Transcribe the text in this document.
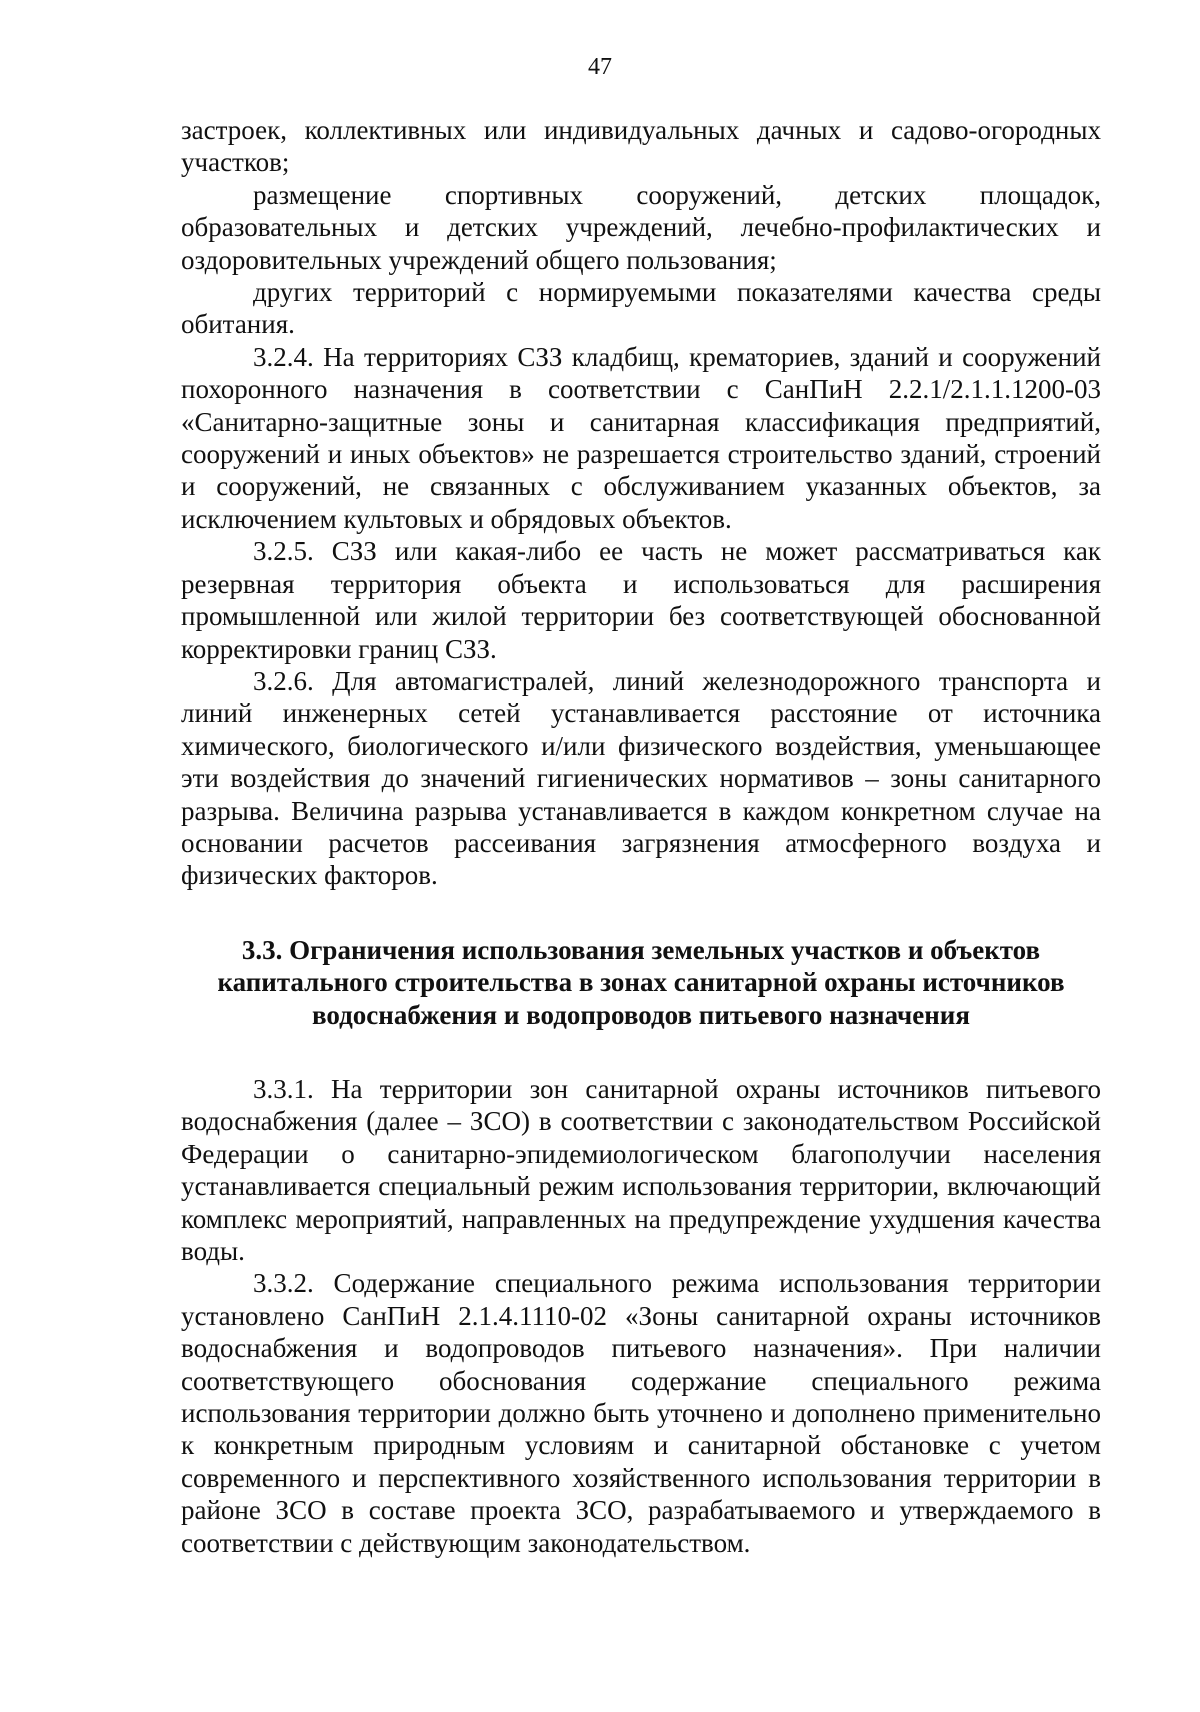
47

застроек, коллективных или индивидуальных дачных и садово-огородных участков;

размещение спортивных сооружений, детских площадок, образовательных и детских учреждений, лечебно-профилактических и оздоровительных учреждений общего пользования;

других территорий с нормируемыми показателями качества среды обитания.

3.2.4. На территориях СЗЗ кладбищ, крематориев, зданий и сооружений похоронного назначения в соответствии с СанПиН 2.2.1/2.1.1.1200-03 «Санитарно-защитные зоны и санитарная классификация предприятий, сооружений и иных объектов» не разрешается строительство зданий, строений и сооружений, не связанных с обслуживанием указанных объектов, за исключением культовых и обрядовых объектов.

3.2.5. СЗЗ или какая-либо ее часть не может рассматриваться как резервная территория объекта и использоваться для расширения промышленной или жилой территории без соответствующей обоснованной корректировки границ СЗЗ.

3.2.6. Для автомагистралей, линий железнодорожного транспорта и линий инженерных сетей устанавливается расстояние от источника химического, биологического и/или физического воздействия, уменьшающее эти воздействия до значений гигиенических нормативов – зоны санитарного разрыва. Величина разрыва устанавливается в каждом конкретном случае на основании расчетов рассеивания загрязнения атмосферного воздуха и физических факторов.

3.3. Ограничения использования земельных участков и объектов капитального строительства в зонах санитарной охраны источников водоснабжения и водопроводов питьевого назначения

3.3.1. На территории зон санитарной охраны источников питьевого водоснабжения (далее – ЗСО) в соответствии с законодательством Российской Федерации о санитарно-эпидемиологическом благополучии населения устанавливается специальный режим использования территории, включающий комплекс мероприятий, направленных на предупреждение ухудшения качества воды.

3.3.2. Содержание специального режима использования территории установлено СанПиН 2.1.4.1110-02 «Зоны санитарной охраны источников водоснабжения и водопроводов питьевого назначения». При наличии соответствующего обоснования содержание специального режима использования территории должно быть уточнено и дополнено применительно к конкретным природным условиям и санитарной обстановке с учетом современного и перспективного хозяйственного использования территории в районе ЗСО в составе проекта ЗСО, разрабатываемого и утверждаемого в соответствии с действующим законодательством.
